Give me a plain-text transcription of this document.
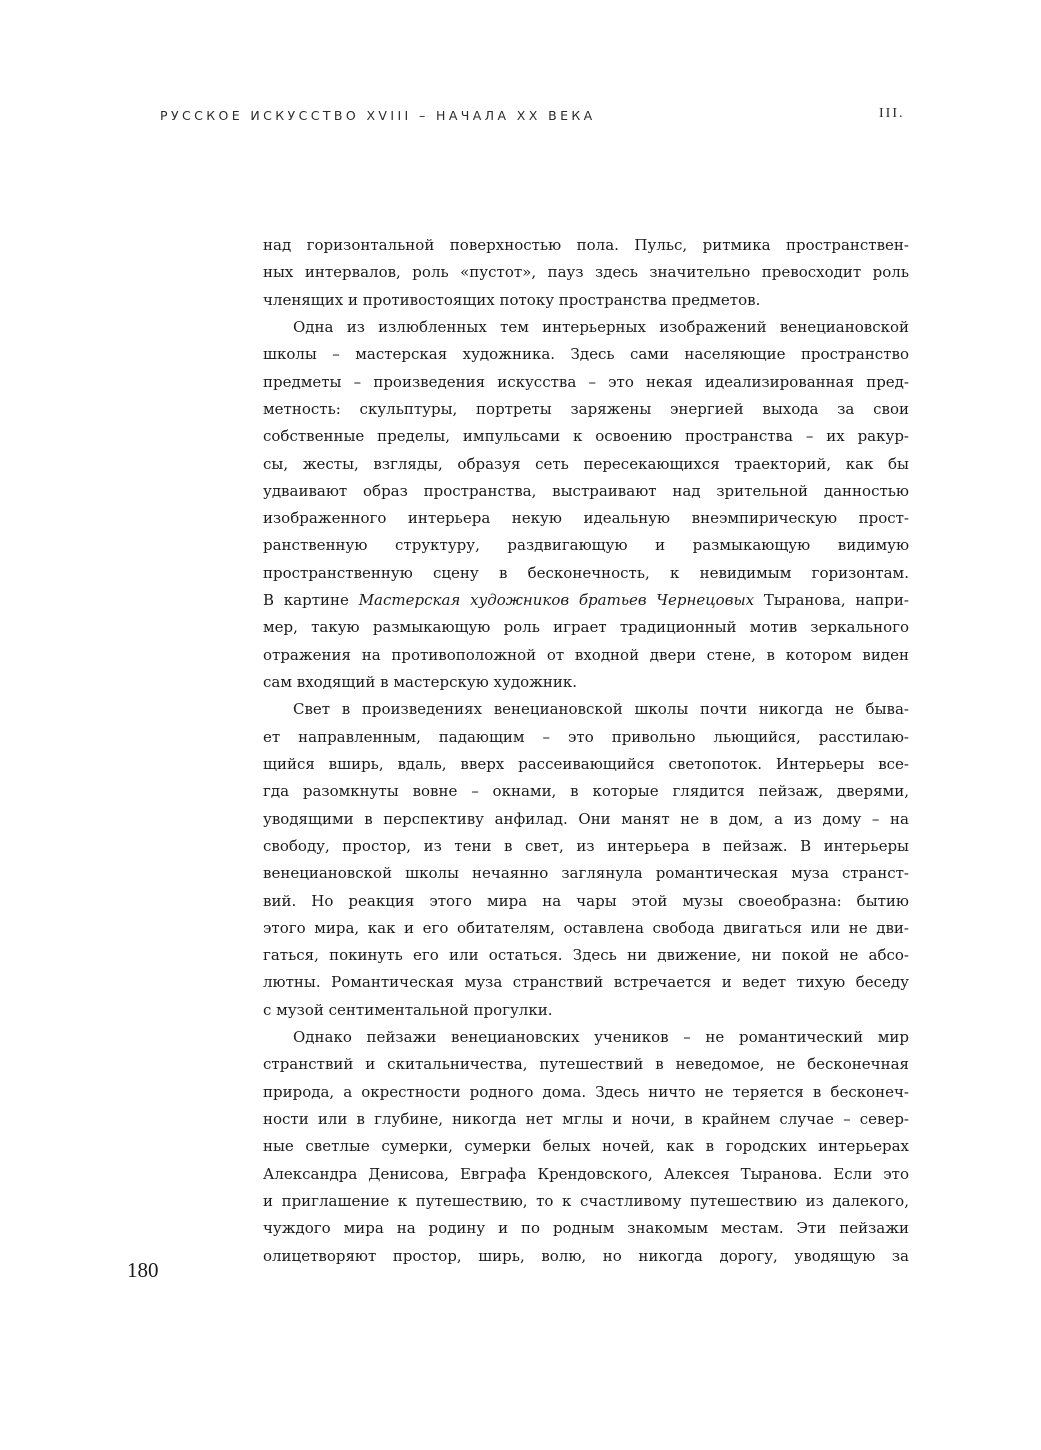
РУССКОЕ ИСКУССТВО XVIII – НАЧАЛА XX ВЕКА	III.

над горизонтальной поверхностью пола. Пульс, ритмика пространствен-
ных интервалов, роль «пустот», пауз здесь значительно превосходит роль
членящих и противостоящих потоку пространства предметов.

Одна из излюбленных тем интерьерных изображений венециановской
школы – мастерская художника. Здесь сами населяющие пространство
предметы – произведения искусства – это некая идеализированная пред-
метность: скульптуры, портреты заряжены энергией выхода за свои
собственные пределы, импульсами к освоению пространства – их ракур-
сы, жесты, взгляды, образуя сеть пересекающихся траекторий, как бы
удваивают образ пространства, выстраивают над зрительной данностью
изображенного интерьера некую идеальную внеэмпирическую прост-
ранственную структуру, раздвигающую и размыкающую видимую
пространственную сцену в бесконечность, к невидимым горизонтам.
В картине Мастерская художников братьев Чернецовых Тыранова, напри-
мер, такую размыкающую роль играет традиционный мотив зеркального
отражения на противоположной от входной двери стене, в котором виден
сам входящий в мастерскую художник.

Свет в произведениях венециановской школы почти никогда не быва-
ет направленным, падающим – это привольно льющийся, расстилаю-
щийся вширь, вдаль, вверх рассеивающийся светопоток. Интерьеры все-
гда разомкнуты вовне – окнами, в которые глядится пейзаж, дверями,
уводящими в перспективу анфилад. Они манят не в дом, а из дому – на
свободу, простор, из тени в свет, из интерьера в пейзаж. В интерьеры
венециановской школы нечаянно заглянула романтическая муза странст-
вий. Но реакция этого мира на чары этой музы своеобразна: бытию
этого мира, как и его обитателям, оставлена свобода двигаться или не дви-
гаться, покинуть его или остаться. Здесь ни движение, ни покой не абсо-
лютны. Романтическая муза странствий встречается и ведет тихую беседу
с музой сентиментальной прогулки.

Однако пейзажи венециановских учеников – не романтический мир
странствий и скитальничества, путешествий в неведомое, не бесконечная
природа, а окрестности родного дома. Здесь ничто не теряется в бесконеч-
ности или в глубине, никогда нет мглы и ночи, в крайнем случае – север-
ные светлые сумерки, сумерки белых ночей, как в городских интерьерах
Александра Денисова, Евграфа Крендовского, Алексея Тыранова. Если это
и приглашение к путешествию, то к счастливому путешествию из далекого,
чуждого мира на родину и по родным знакомым местам. Эти пейзажи
олицетворяют простор, ширь, волю, но никогда дорогу, уводящую за

180
